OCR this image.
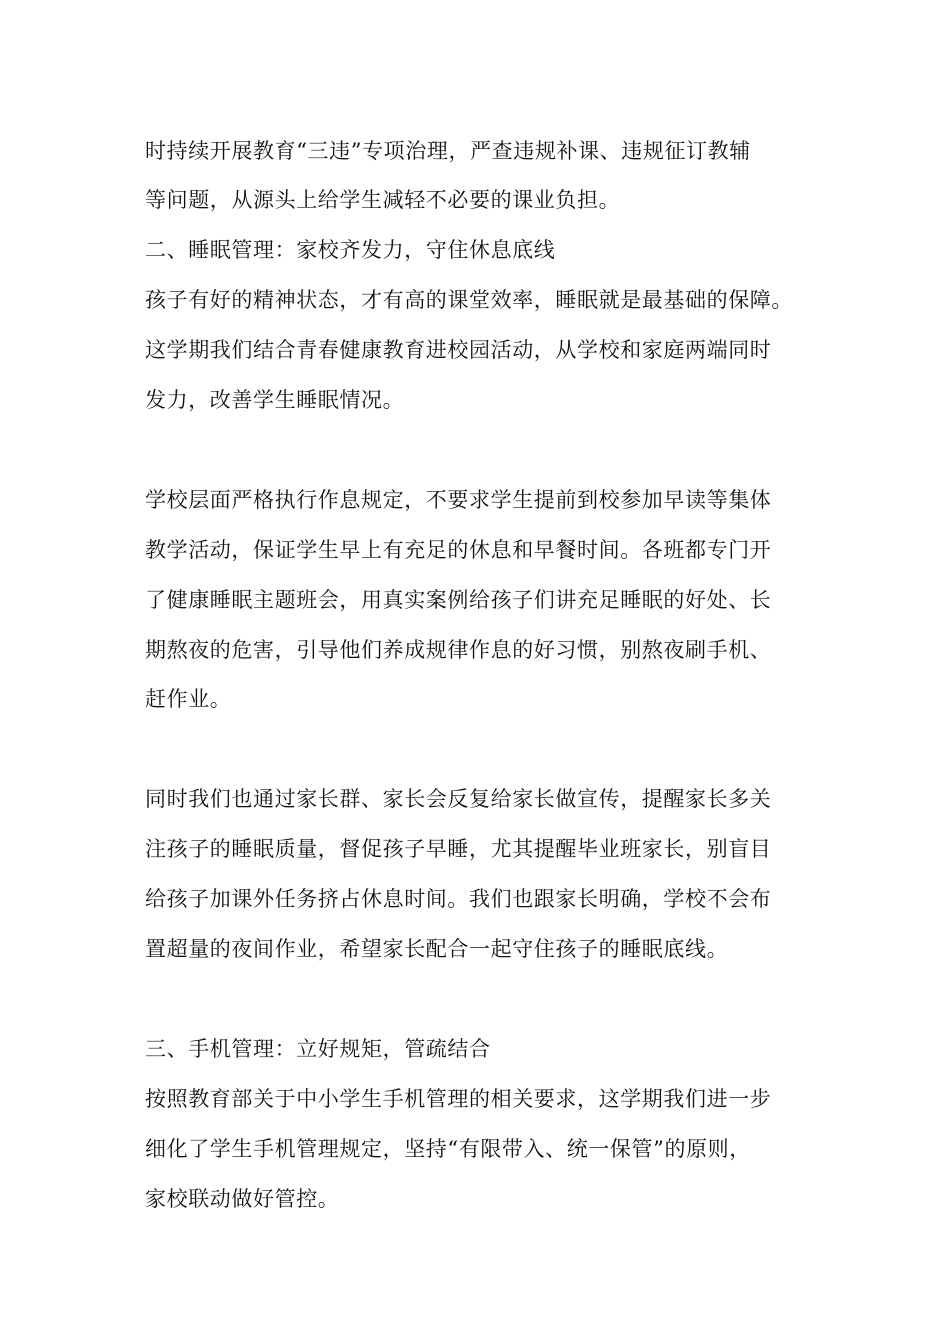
时持续开展教育“三违”专项治理，严查违规补课、违规征订教辅
等问题，从源头上给学生减轻不必要的课业负担。
二、睡眠管理：家校齐发力，守住休息底线
孩子有好的精神状态，才有高的课堂效率，睡眠就是最基础的保障。
这学期我们结合青春健康教育进校园活动，从学校和家庭两端同时
发力，改善学生睡眠情况。
学校层面严格执行作息规定，不要求学生提前到校参加早读等集体
教学活动，保证学生早上有充足的休息和早餐时间。各班都专门开
了健康睡眠主题班会，用真实案例给孩子们讲充足睡眠的好处、长
期熬夜的危害，引导他们养成规律作息的好习惯，别熬夜刷手机、
赶作业。
同时我们也通过家长群、家长会反复给家长做宣传，提醒家长多关
注孩子的睡眠质量，督促孩子早睡，尤其提醒毕业班家长，别盲目
给孩子加课外任务挤占休息时间。我们也跟家长明确，学校不会布
置超量的夜间作业，希望家长配合一起守住孩子的睡眠底线。
三、手机管理：立好规矩，管疏结合
按照教育部关于中小学生手机管理的相关要求，这学期我们进一步
细化了学生手机管理规定，坚持“有限带入、统一保管”的原则，
家校联动做好管控。
